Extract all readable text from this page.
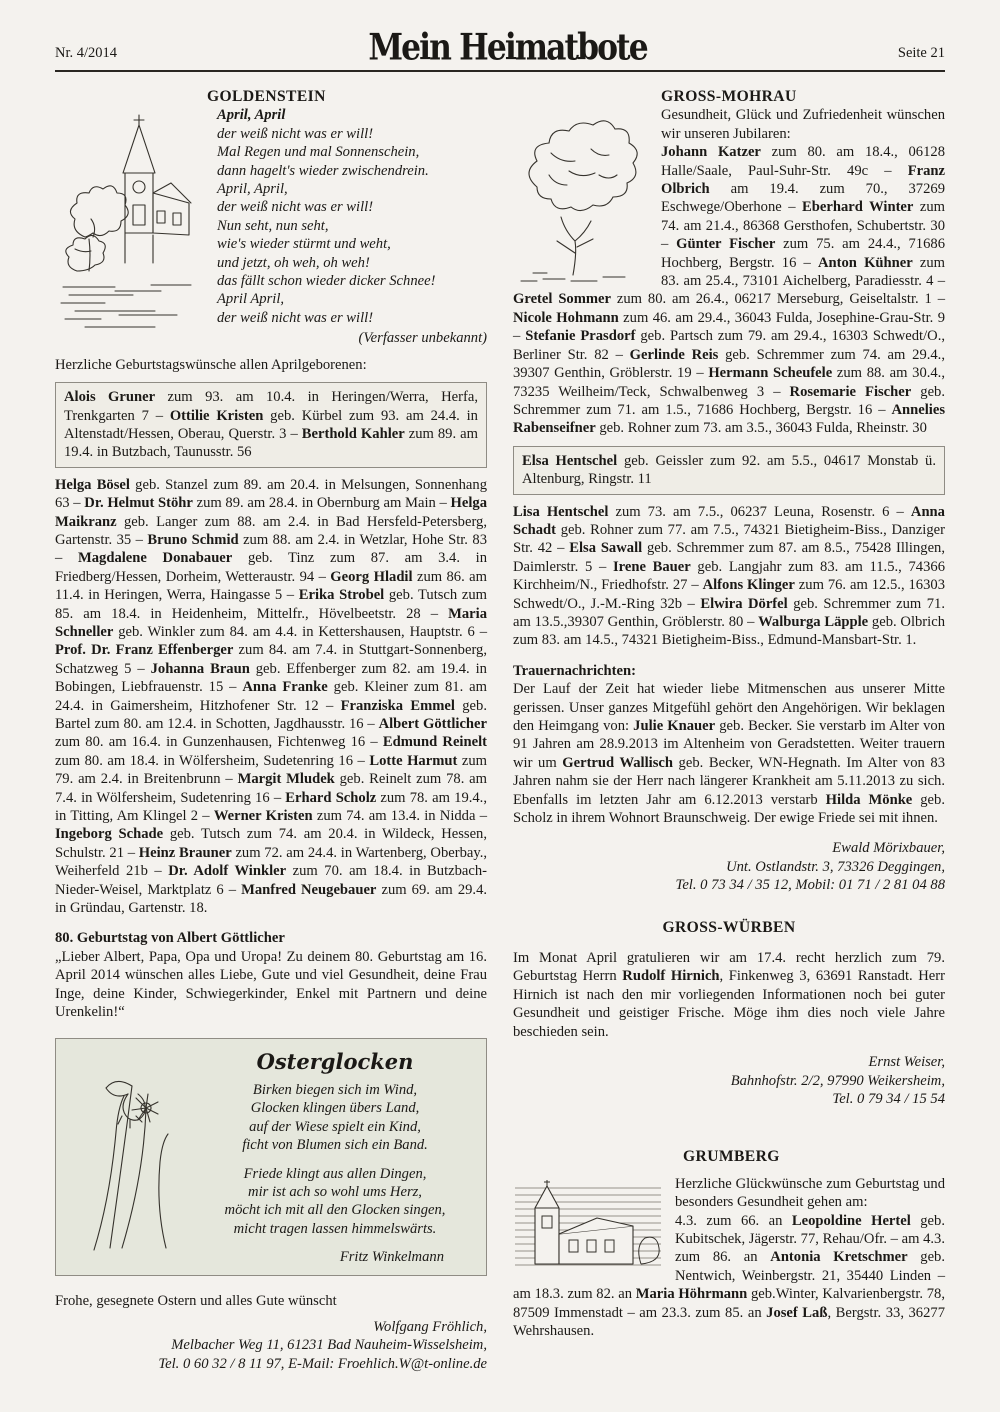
Nr. 4/2014	Mein Heimatbote	Seite 21
GOLDENSTEIN
April, April
der weiß nicht was er will!
Mal Regen und mal Sonnenschein,
dann hagelt's wieder zwischendrein.
April, April,
der weiß nicht was er will!
Nun seht, nun seht,
wie's wieder stürmt und weht,
und jetzt, oh weh, oh weh!
das fällt schon wieder dicker Schnee!
April April,
der weiß nicht was er will!
(Verfasser unbekannt)
Herzliche Geburtstagswünsche allen Aprilgeborenen:
Alois Gruner zum 93. am 10.4. in Heringen/Werra, Herfa, Trenkgarten 7 – Ottilie Kristen geb. Kürbel zum 93. am 24.4. in Altenstadt/Hessen, Oberau, Querstr. 3 – Berthold Kahler zum 89. am 19.4. in Butzbach, Taunusstr. 56
Helga Bösel geb. Stanzel zum 89. am 20.4. in Melsungen, Sonnenhang 63 – Dr. Helmut Stöhr zum 89. am 28.4. in Obernburg am Main – Helga Maikranz geb. Langer zum 88. am 2.4. in Bad Hersfeld-Petersberg, Gartenstr. 35 – Bruno Schmid zum 88. am 2.4. in Wetzlar, Hohe Str. 83 – Magdalene Donabauer geb. Tinz zum 87. am 3.4. in Friedberg/Hessen, Dorheim, Wetteraustr. 94 – Georg Hladil zum 86. am 11.4. in Heringen, Werra, Haingasse 5 – Erika Strobel geb. Tutsch zum 85. am 18.4. in Heidenheim, Mittelfr., Hövelbeetstr. 28 – Maria Schneller geb. Winkler zum 84. am 4.4. in Kettershausen, Hauptstr. 6 – Prof. Dr. Franz Effenberger zum 84. am 7.4. in Stuttgart-Sonnenberg, Schatzweg 5 – Johanna Braun geb. Effenberger zum 82. am 19.4. in Bobingen, Liebfrauenstr. 15 – Anna Franke geb. Kleiner zum 81. am 24.4. in Gaimersheim, Hitzhofener Str. 12 – Franziska Emmel geb. Bartel zum 80. am 12.4. in Schotten, Jagdhausstr. 16 – Albert Göttlicher zum 80. am 16.4. in Gunzenhausen, Fichtenweg 16 – Edmund Reinelt zum 80. am 18.4. in Wölfersheim, Sudetenring 16 – Lotte Harmut zum 79. am 2.4. in Breitenbrunn – Margit Mludek geb. Reinelt zum 78. am 7.4. in Wölfersheim, Sudetenring 16 – Erhard Scholz zum 78. am 19.4., in Titting, Am Klingel 2 – Werner Kristen zum 74. am 13.4. in Nidda – Ingeborg Schade geb. Tutsch zum 74. am 20.4. in Wildeck, Hessen, Schulstr. 21 – Heinz Brauner zum 72. am 24.4. in Wartenberg, Oberbay., Weiherfeld 21b – Dr. Adolf Winkler zum 70. am 18.4. in Butzbach-Nieder-Weisel, Marktplatz 6 – Manfred Neugebauer zum 69. am 29.4. in Gründau, Gartenstr. 18.
80. Geburtstag von Albert Göttlicher
„Lieber Albert, Papa, Opa und Uropa! Zu deinem 80. Geburtstag am 16. April 2014 wünschen alles Liebe, Gute und viel Gesundheit, deine Frau Inge, deine Kinder, Schwiegerkinder, Enkel mit Partnern und deine Urenkelin!“
Osterglocken
Birken biegen sich im Wind,
Glocken klingen übers Land,
auf der Wiese spielt ein Kind,
ficht von Blumen sich ein Band.
Friede klingt aus allen Dingen,
mir ist ach so wohl ums Herz,
möcht ich mit all den Glocken singen,
micht tragen lassen himmelswärts.
Fritz Winkelmann
Frohe, gesegnete Ostern und alles Gute wünscht
Wolfgang Fröhlich,
Melbacher Weg 11, 61231 Bad Nauheim-Wisselsheim,
Tel. 0 60 32 / 8 11 97, E-Mail: Froehlich.W@t-online.de
GROSS-MOHRAU
Gesundheit, Glück und Zufriedenheit wünschen wir unseren Jubilaren:
Johann Katzer zum 80. am 18.4., 06128 Halle/Saale, Paul-Suhr-Str. 49c – Franz Olbrich am 19.4. zum 70., 37269 Eschwege/Oberhone – Eberhard Winter zum 74. am 21.4., 86368 Gersthofen, Schubertstr. 30 – Günter Fischer zum 75. am 24.4., 71686 Hochberg, Bergstr. 16 – Anton Kühner zum 83. am 25.4., 73101 Aichelberg, Paradiesstr. 4 – Gretel Sommer zum 80. am 26.4., 06217 Merseburg, Geiseltalstr. 1 – Nicole Hohmann zum 46. am 29.4., 36043 Fulda, Josephine-Grau-Str. 9 – Stefanie Prasdorf geb. Partsch zum 79. am 29.4., 16303 Schwedt/O., Berliner Str. 82 – Gerlinde Reis geb. Schremmer zum 74. am 29.4., 39307 Genthin, Gröblerstr. 19 – Hermann Scheufele zum 88. am 30.4., 73235 Weilheim/Teck, Schwalbenweg 3 – Rosemarie Fischer geb. Schremmer zum 71. am 1.5., 71686 Hochberg, Bergstr. 16 – Annelies Rabenseifner geb. Rohner zum 73. am 3.5., 36043 Fulda, Rheinstr. 30
Elsa Hentschel geb. Geissler zum 92. am 5.5., 04617 Monstab ü. Altenburg, Ringstr. 11
Lisa Hentschel zum 73. am 7.5., 06237 Leuna, Rosenstr. 6 – Anna Schadt geb. Rohner zum 77. am 7.5., 74321 Bietigheim-Biss., Danziger Str. 42 – Elsa Sawall geb. Schremmer zum 87. am 8.5., 75428 Illingen, Daimlerstr. 5 – Irene Bauer geb. Langjahr zum 83. am 11.5., 74366 Kirchheim/N., Friedhofstr. 27 – Alfons Klinger zum 76. am 12.5., 16303 Schwedt/O., J.-M.-Ring 32b – Elwira Dörfel geb. Schremmer zum 71. am 13.5.,39307 Genthin, Gröblerstr. 80 – Walburga Läpple geb. Olbrich zum 83. am 14.5., 74321 Bietigheim-Biss., Edmund-Mansbart-Str. 1.
Trauernachrichten:
Der Lauf der Zeit hat wieder liebe Mitmenschen aus unserer Mitte gerissen. Unser ganzes Mitgefühl gehört den Angehörigen. Wir beklagen den Heimgang von: Julie Knauer geb. Becker. Sie verstarb im Alter von 91 Jahren am 28.9.2013 im Altenheim von Geradstetten. Weiter trauern wir um Gertrud Wallisch geb. Becker, WN-Hegnath. Im Alter von 83 Jahren nahm sie der Herr nach längerer Krankheit am 5.11.2013 zu sich. Ebenfalls im letzten Jahr am 6.12.2013 verstarb Hilda Mönke geb. Scholz in ihrem Wohnort Braunschweig. Der ewige Friede sei mit ihnen.
Ewald Mörixbauer,
Unt. Ostlandstr. 3, 73326 Deggingen,
Tel. 0 73 34 / 35 12, Mobil: 01 71 / 2 81 04 88
GROSS-WÜRBEN
Im Monat April gratulieren wir am 17.4. recht herzlich zum 79. Geburtstag Herrn Rudolf Hirnich, Finkenweg 3, 63691 Ranstadt. Herr Hirnich ist nach den mir vorliegenden Informationen noch bei guter Gesundheit und geistiger Frische. Möge ihm dies noch viele Jahre beschieden sein.
Ernst Weiser,
Bahnhofstr. 2/2, 97990 Weikersheim,
Tel. 0 79 34 / 15 54
GRUMBERG
Herzliche Glückwünsche zum Geburtstag und besonders Gesundheit gehen am:
4.3. zum 66. an Leopoldine Hertel geb. Kubitschek, Jägerstr. 77, Rehau/Ofr. – am 4.3. zum 86. an Antonia Kretschmer geb. Nentwich, Weinbergstr. 21, 35440 Linden – am 18.3. zum 82. an Maria Höhrmann geb.Winter, Kalvarienbergstr. 78, 87509 Immenstadt – am 23.3. zum 85. an Josef Laß, Bergstr. 33, 36277 Wehrshausen.
